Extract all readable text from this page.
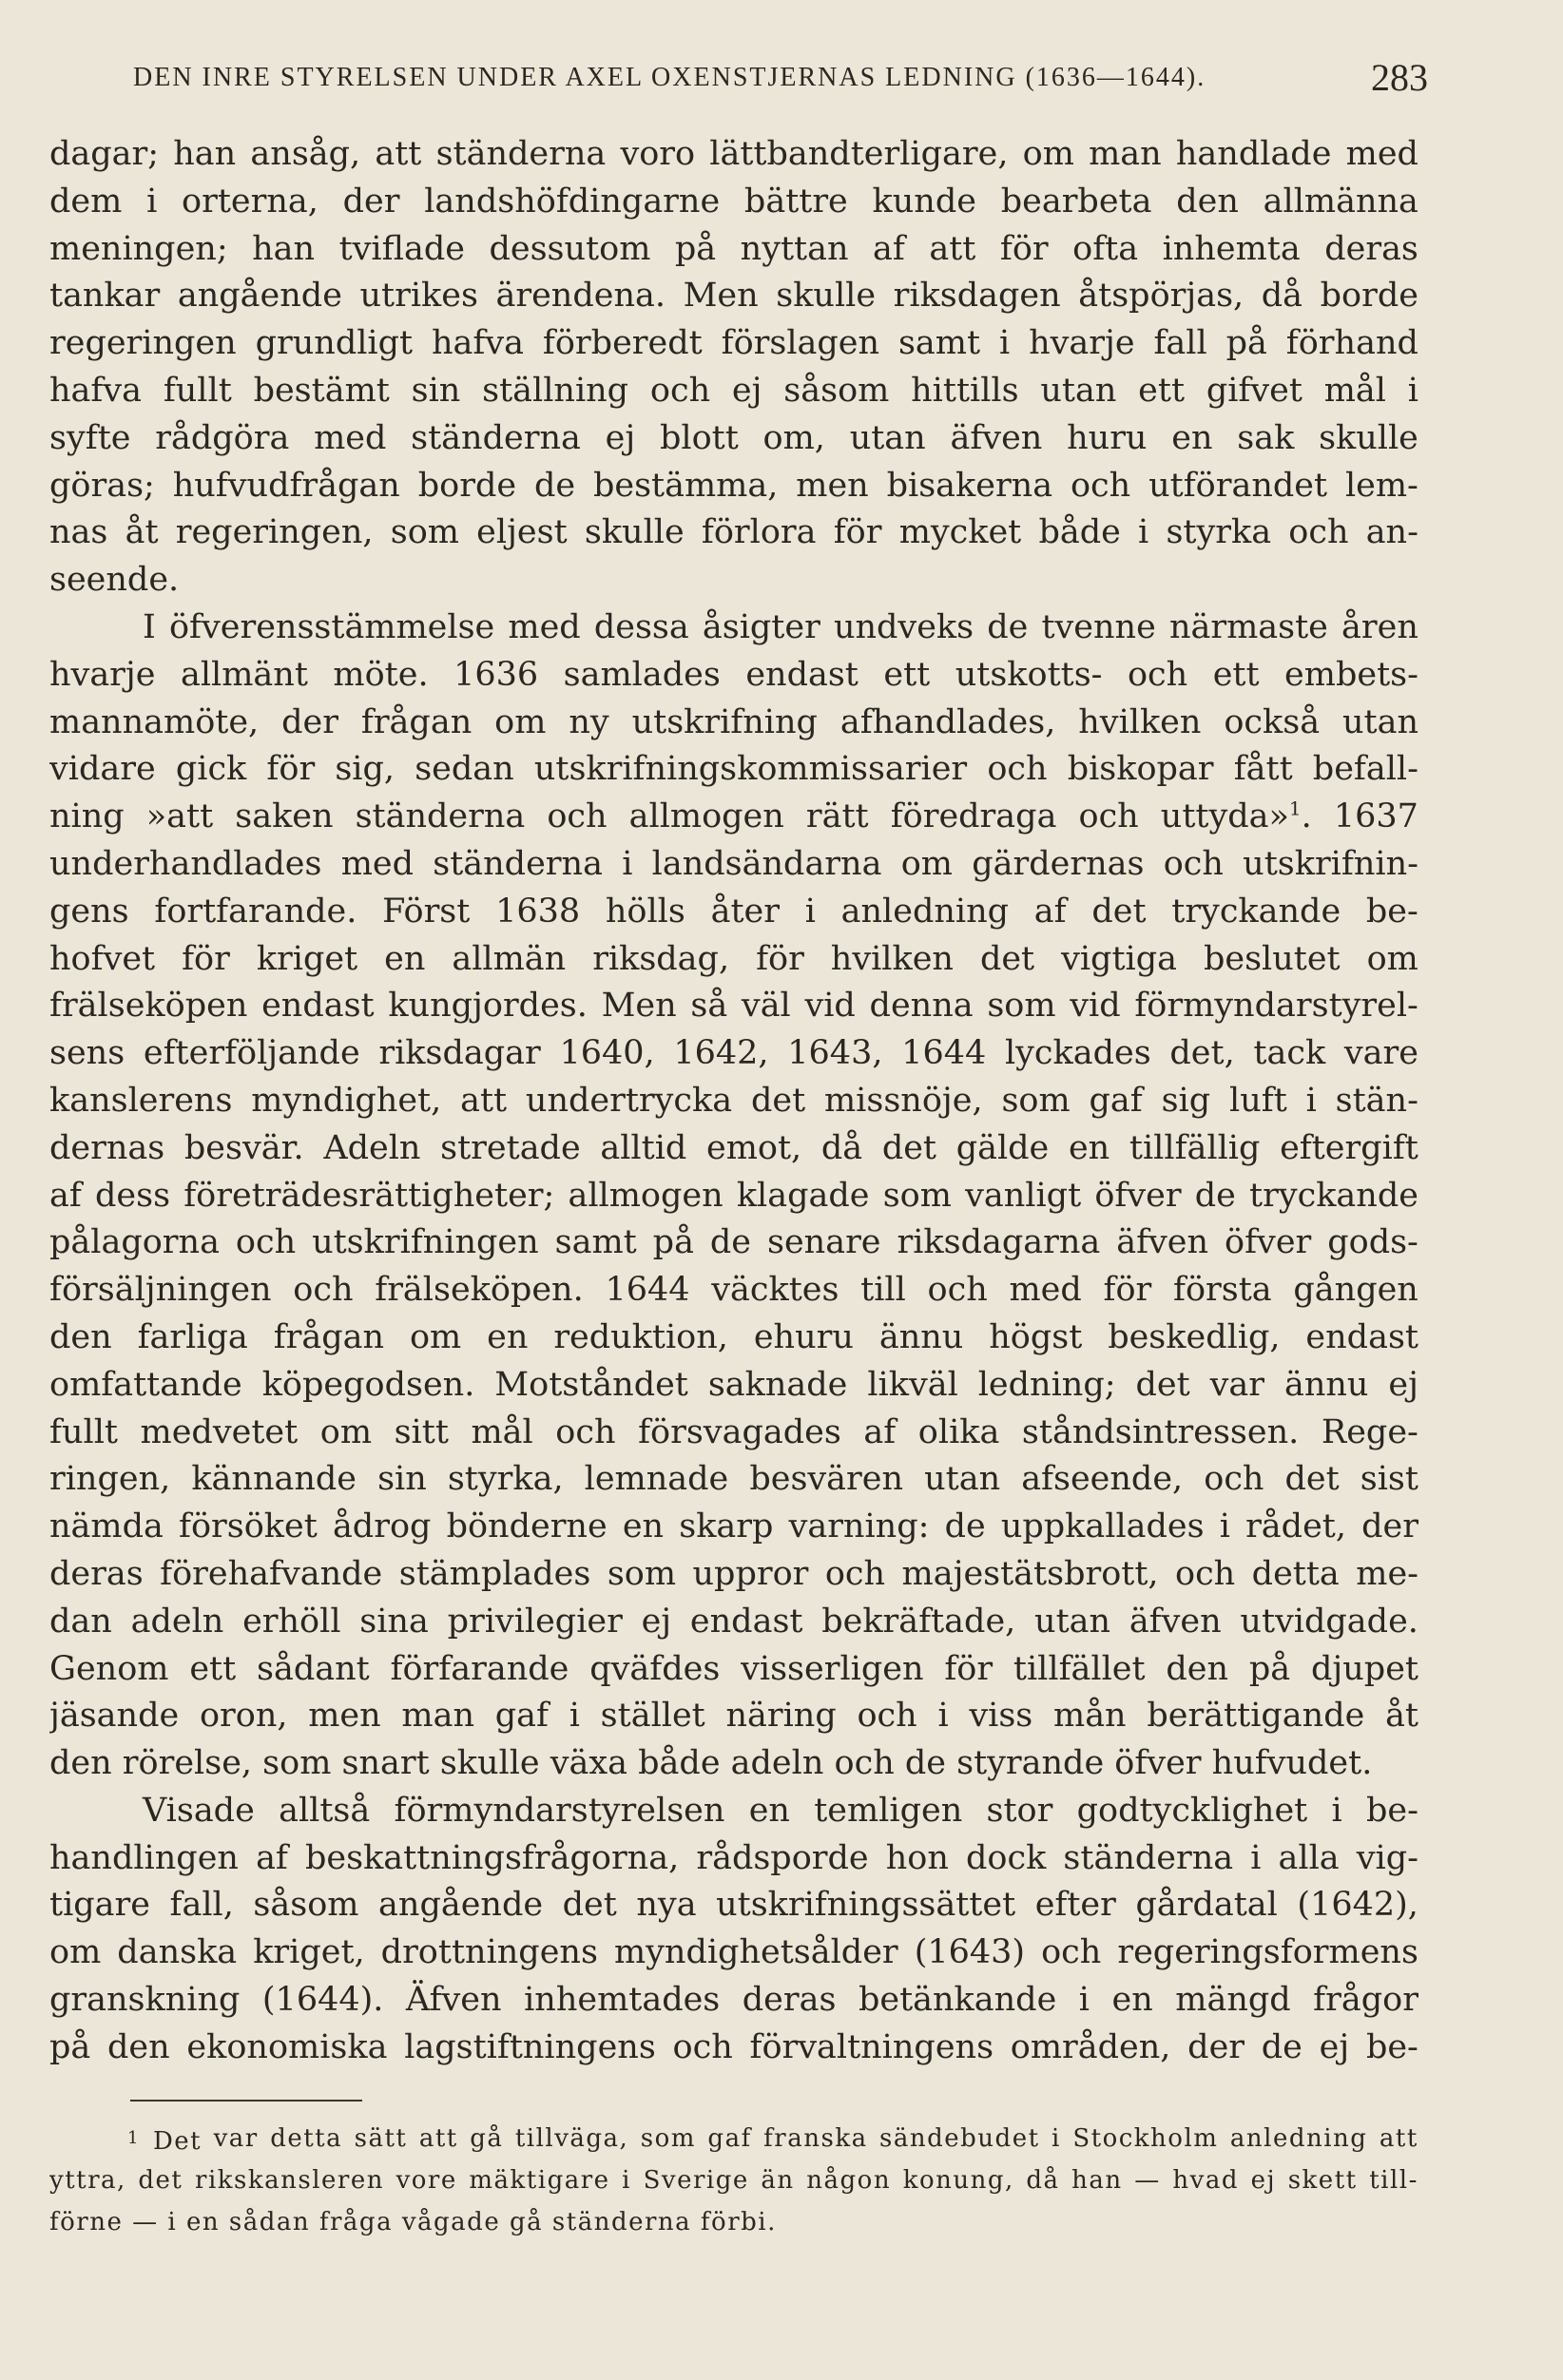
DEN INRE STYRELSEN UNDER AXEL OXENSTJERNAS LEDNING (1636—1644).	283
dagar; han ansåg, att ständerna voro lättbandterligare, om man handlade med
dem i orterna, der landshöfdingarne bättre kunde bearbeta den allmänna
meningen; han tviflade dessutom på nyttan af att för ofta inhemta deras
tankar angående utrikes ärendena. Men skulle riksdagen åtspörjas, då borde
regeringen grundligt hafva förberedt förslagen samt i hvarje fall på förhand
hafva fullt bestämt sin ställning och ej såsom hittills utan ett gifvet mål i
syfte rådgöra med ständerna ej blott om, utan äfven huru en sak skulle
göras; hufvudfrågan borde de bestämma, men bisakerna och utförandet lem-
nas åt regeringen, som eljest skulle förlora för mycket både i styrka och an-
seende.
I öfverensstämmelse med dessa åsigter undveks de tvenne närmaste åren
hvarje allmänt möte. 1636 samlades endast ett utskotts- och ett embets-
mannamöte, der frågan om ny utskrifning afhandlades, hvilken också utan
vidare gick för sig, sedan utskrifningskommissarier och biskopar fått befall-
ning »att saken ständerna och allmogen rätt föredraga och uttyda»$^1$. 1637
underhandlades med ständerna i landsändarna om gärdernas och utskrifnin-
gens fortfarande. Först 1638 hölls åter i anledning af det tryckande be-
hofvet för kriget en allmän riksdag, för hvilken det vigtiga beslutet om
frälseköpen endast kungjordes. Men så väl vid denna som vid förmyndarstyrel-
sens efterföljande riksdagar 1640, 1642, 1643, 1644 lyckades det, tack vare
kanslerens myndighet, att undertrycka det missnöje, som gaf sig luft i stän-
dernas besvär. Adeln stretade alltid emot, då det gälde en tillfällig eftergift
af dess företrädesrättigheter; allmogen klagade som vanligt öfver de tryckande
pålagorna och utskrifningen samt på de senare riksdagarna äfven öfver gods-
försäljningen och frälseköpen. 1644 väcktes till och med för första gången
den farliga frågan om en reduktion, ehuru ännu högst beskedlig, endast
omfattande köpegodsen. Motståndet saknade likväl ledning; det var ännu ej
fullt medvetet om sitt mål och försvagades af olika ståndsintressen. Rege-
ringen, kännande sin styrka, lemnade besvären utan afseende, och det sist
nämda försöket ådrog bönderne en skarp varning: de uppkallades i rådet, der
deras förehafvande stämplades som uppror och majestätsbrott, och detta me-
dan adeln erhöll sina privilegier ej endast bekräftade, utan äfven utvidgade.
Genom ett sådant förfarande qväfdes visserligen för tillfället den på djupet
jäsande oron, men man gaf i stället näring och i viss mån berättigande åt
den rörelse, som snart skulle växa både adeln och de styrande öfver hufvudet.
Visade alltså förmyndarstyrelsen en temligen stor godtycklighet i be-
handlingen af beskattningsfrågorna, rådsporde hon dock ständerna i alla vig-
tigare fall, såsom angående det nya utskrifningssättet efter gårdatal (1642),
om danska kriget, drottningens myndighetsålder (1643) och regeringsformens
granskning (1644). Äfven inhemtades deras betänkande i en mängd frågor
på den ekonomiska lagstiftningens och förvaltningens områden, der de ej be-
$^1$ Det var detta sätt att gå tillväga, som gaf franska sändebudet i Stockholm anledning att
yttra, det rikskansleren vore mäktigare i Sverige än någon konung, då han — hvad ej skett till-
förne — i en sådan fråga vågade gå ständerna förbi.
